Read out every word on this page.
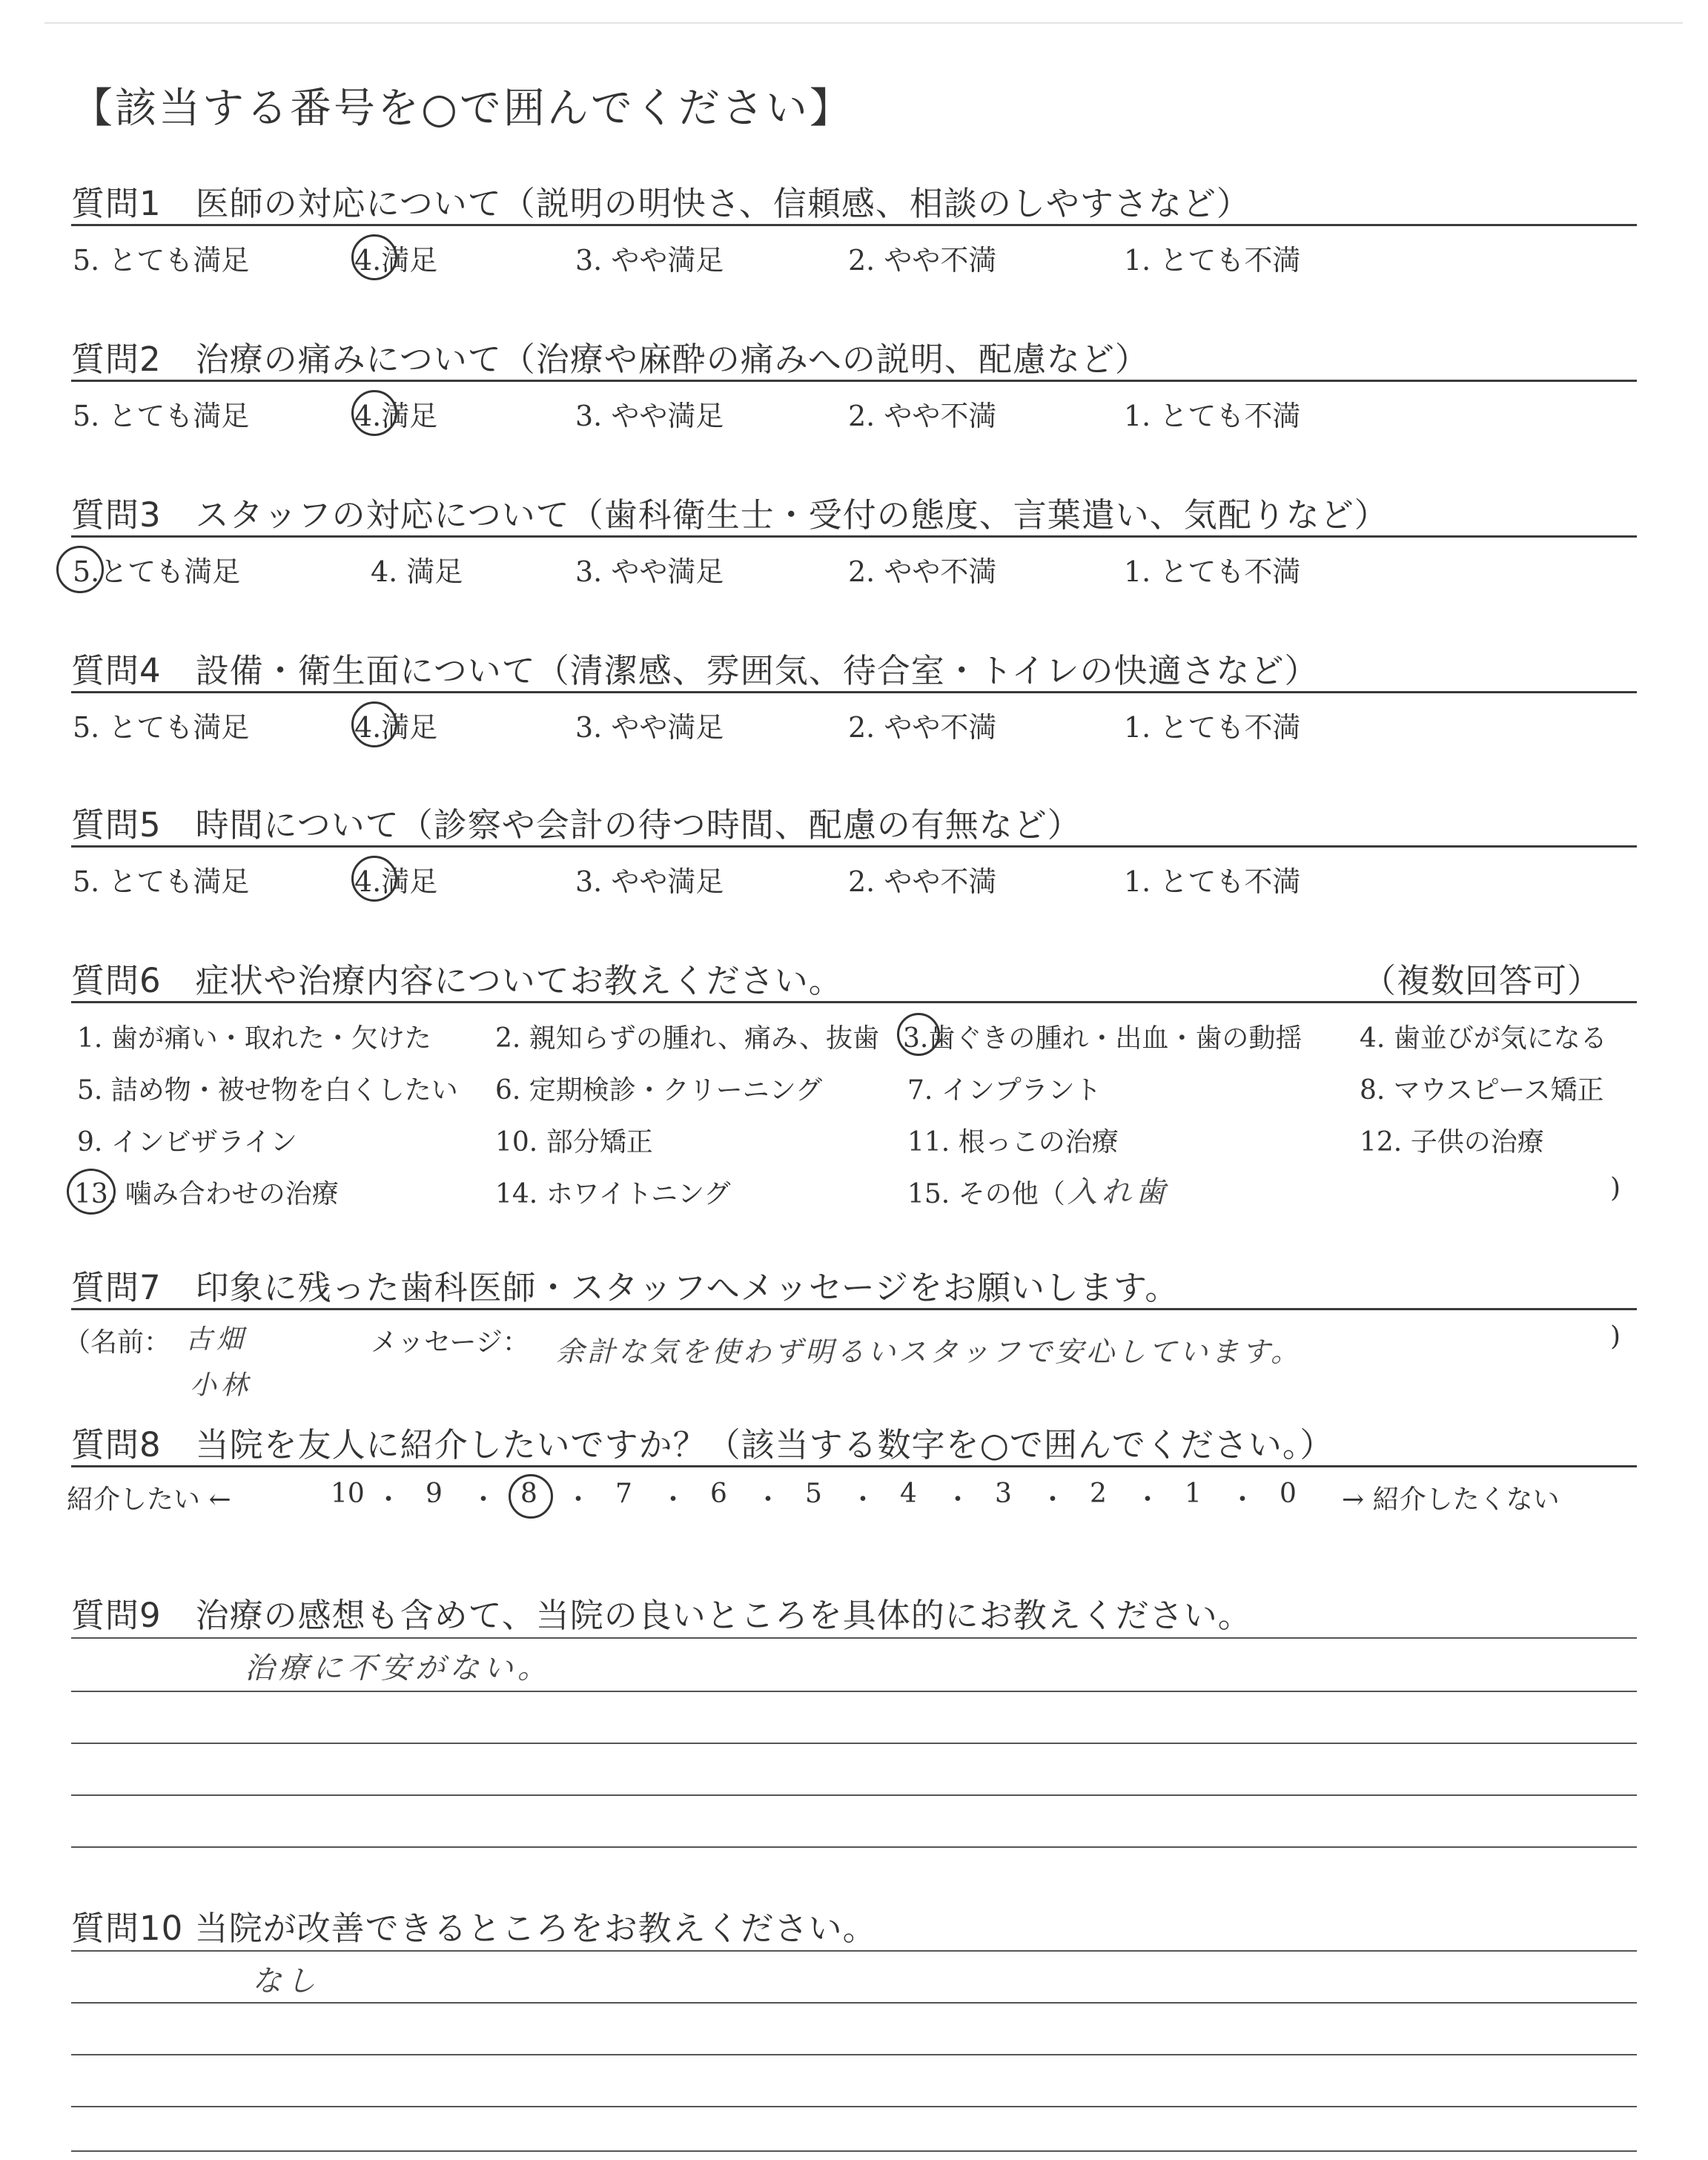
【該当する番号を○で囲んでください】
質問1　医師の対応について（説明の明快さ、信頼感、相談のしやすさなど）
5. とても満足	4.満足	3. やや満足	2. やや不満	1. とても不満
質問2　治療の痛みについて（治療や麻酔の痛みへの説明、配慮など）
5. とても満足	4.満足	3. やや満足	2. やや不満	1. とても不満
質問3　スタッフの対応について（歯科衛生士・受付の態度、言葉遣い、気配りなど）
5.とても満足	4. 満足	3. やや満足	2. やや不満	1. とても不満
質問4　設備・衛生面について（清潔感、雰囲気、待合室・トイレの快適さなど）
5. とても満足	4.満足	3. やや満足	2. やや不満	1. とても不満
質問5　時間について（診察や会計の待つ時間、配慮の有無など）
5. とても満足	4.満足	3. やや満足	2. やや不満	1. とても不満
質問6　症状や治療内容についてお教えください。	（複数回答可）
1. 歯が痛い・取れた・欠けた 2. 親知らずの腫れ、痛み、抜歯 3.歯ぐきの腫れ・出血・歯の動揺 4. 歯並びが気になる
5. 詰め物・被せ物を白くしたい 6. 定期検診・クリーニング	7. インプラント	8. マウスピース矯正
9. インビザライン	10. 部分矯正	11. 根っこの治療	12. 子供の治療
13. 噛み合わせの治療	14. ホワイトニング	15. その他（ 入れ歯	)
質問7　印象に残った歯科医師・スタッフへメッセージをお願いします。
（名前： 古畑
小林
メッセージ： 余計な気を使わず明るいスタッフで安心しています。	)
質問8　当院を友人に紹介したいですか？（該当する数字を○で囲んでください。）
紹介したい ←	→ 紹介したくない
10 ・ 9 ・ 8 ・ 7 ・ 6 ・ 5 ・ 4 ・ 3 ・ 2 ・ 1 ・ 0
質問9　治療の感想も含めて、当院の良いところを具体的にお教えください。
治療に不安がない。
質問10 当院が改善できるところをお教えください。
なし
